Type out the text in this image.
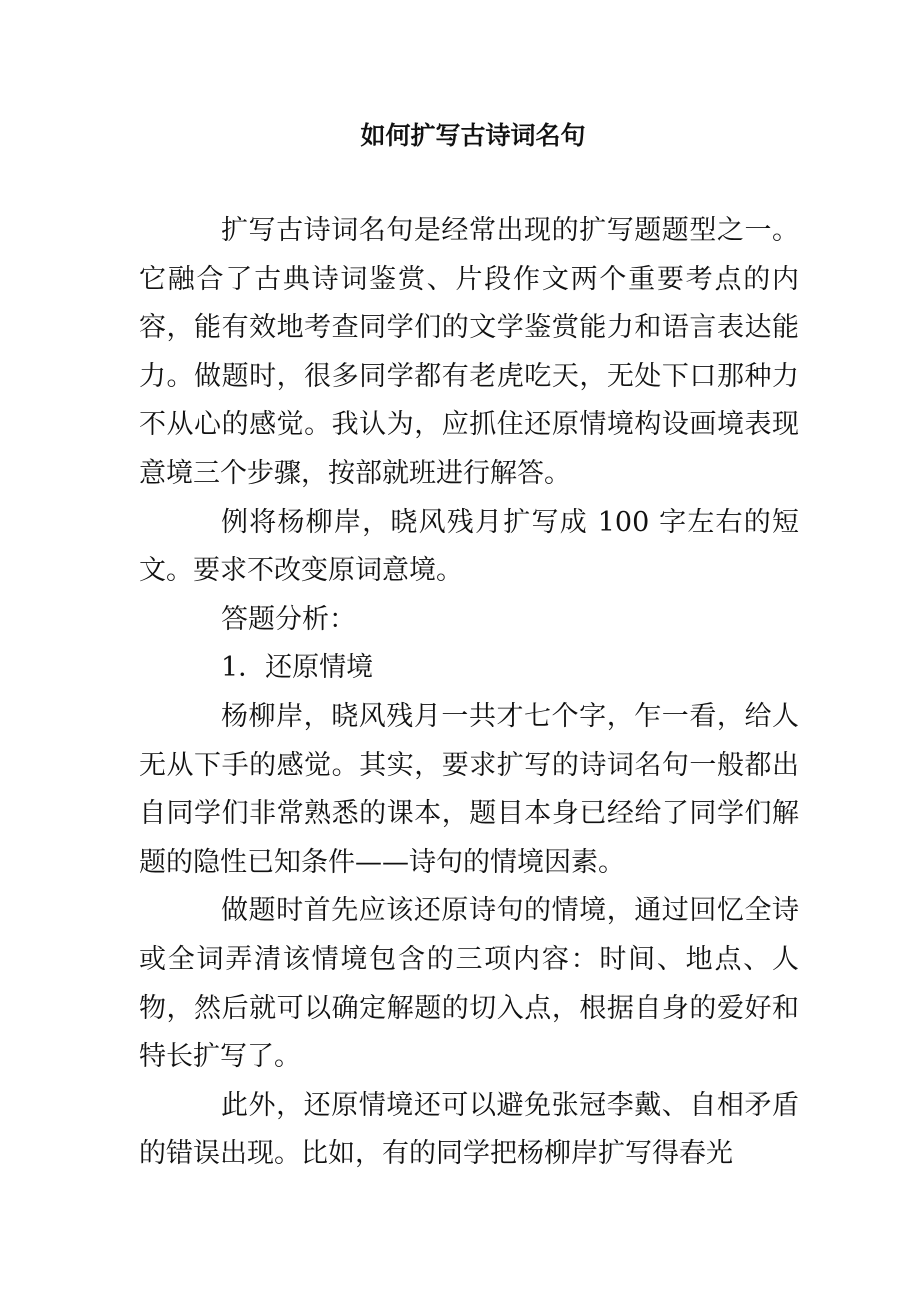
如何扩写古诗词名句

扩写古诗词名句是经常出现的扩写题题型之一。它融合了古典诗词鉴赏、片段作文两个重要考点的内容，能有效地考查同学们的文学鉴赏能力和语言表达能力。做题时，很多同学都有老虎吃天，无处下口那种力不从心的感觉。我认为，应抓住还原情境构设画境表现意境三个步骤，按部就班进行解答。

例将杨柳岸，晓风残月扩写成 100 字左右的短文。要求不改变原词意境。

答题分析：

1．还原情境

杨柳岸，晓风残月一共才七个字，乍一看，给人无从下手的感觉。其实，要求扩写的诗词名句一般都出自同学们非常熟悉的课本，题目本身已经给了同学们解题的隐性已知条件——诗句的情境因素。

做题时首先应该还原诗句的情境，通过回忆全诗或全词弄清该情境包含的三项内容：时间、地点、人物，然后就可以确定解题的切入点，根据自身的爱好和特长扩写了。

此外，还原情境还可以避免张冠李戴、自相矛盾的错误出现。比如，有的同学把杨柳岸扩写得春光
